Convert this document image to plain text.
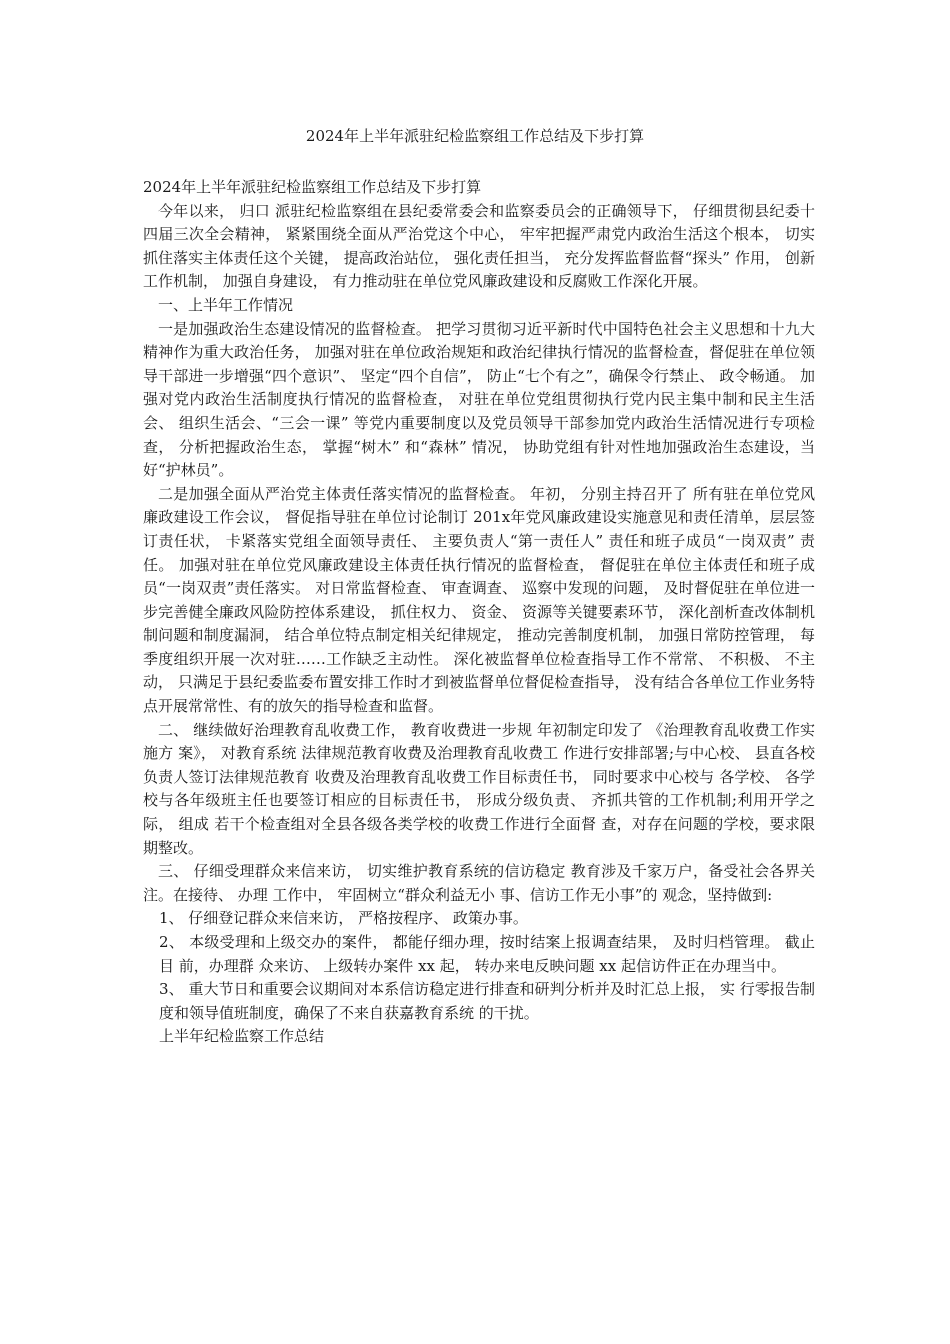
2024年上半年派驻纪检监察组工作总结及下步打算

2024年上半年派驻纪检监察组工作总结及下步打算

今年以来， 归口 派驻纪检监察组在县纪委常委会和监察委员会的正确领导下， 仔细贯彻县纪委十四届三次全会精神， 紧紧围绕全面从严治党这个中心， 牢牢把握严肃党内政治生活这个根本， 切实抓住落实主体责任这个关键， 提高政治站位， 强化责任担当， 充分发挥监督监督“探头” 作用， 创新工作机制， 加强自身建设， 有力推动驻在单位党风廉政建设和反腐败工作深化开展。

一、上半年工作情况

一是加强政治生态建设情况的监督检查。 把学习贯彻习近平新时代中国特色社会主义思想和十九大精神作为重大政治任务， 加强对驻在单位政治规矩和政治纪律执行情况的监督检查，督促驻在单位领导干部进一步增强“四个意识”、 坚定“四个自信”， 防止“七个有之”，确保令行禁止、 政令畅通。 加强对党内政治生活制度执行情况的监督检查， 对驻在单位党组贯彻执行党内民主集中制和民主生活会、 组织生活会、“三会一课” 等党内重要制度以及党员领导干部参加党内政治生活情况进行专项检查， 分析把握政治生态， 掌握“树木” 和“森林” 情况， 协助党组有针对性地加强政治生态建设，当好“护林员”。

二是加强全面从严治党主体责任落实情况的监督检查。 年初， 分别主持召开了 所有驻在单位党风廉政建设工作会议， 督促指导驻在单位讨论制订 201x年党风廉政建设实施意见和责任清单，层层签订责任状， 卡紧落实党组全面领导责任、 主要负责人“第一责任人” 责任和班子成员“一岗双责” 责任。 加强对驻在单位党风廉政建设主体责任执行情况的监督检查， 督促驻在单位主体责任和班子成员“一岗双责”责任落实。 对日常监督检查、 审查调查、 巡察中发现的问题， 及时督促驻在单位进一步完善健全廉政风险防控体系建设， 抓住权力、 资金、 资源等关键要素环节， 深化剖析查改体制机制问题和制度漏洞， 结合单位特点制定相关纪律规定， 推动完善制度机制， 加强日常防控管理， 每季度组织开展一次对驻……工作缺乏主动性。 深化被监督单位检查指导工作不常常、 不积极、 不主动， 只满足于县纪委监委布置安排工作时才到被监督单位督促检查指导， 没有结合各单位工作业务特点开展常常性、有的放矢的指导检查和监督。

二、 继续做好治理教育乱收费工作， 教育收费进一步规 年初制定印发了 《治理教育乱收费工作实施方 案》， 对教育系统 法律规范教育收费及治理教育乱收费工 作进行安排部署;与中心校、 县直各校负责人签订法律规范教育 收费及治理教育乱收费工作目标责任书， 同时要求中心校与 各学校、 各学校与各年级班主任也要签订相应的目标责任书， 形成分级负责、 齐抓共管的工作机制;利用开学之际， 组成 若干个检查组对全县各级各类学校的收费工作进行全面督 查，对存在问题的学校，要求限期整改。

三、 仔细受理群众来信来访， 切实维护教育系统的信访稳定 教育涉及千家万户，备受社会各界关注。在接待、 办理 工作中， 牢固树立“群众利益无小 事、信访工作无小事”的 观念，坚持做到:

1、 仔细登记群众来信来访， 严格按程序、 政策办事。

2、 本级受理和上级交办的案件， 都能仔细办理，按时结案上报调查结果， 及时归档管理。 截止目 前，办理群 众来访、 上级转办案件 xx 起， 转办来电反映问题 xx 起信访件正在办理当中。

3、 重大节日和重要会议期间对本系信访稳定进行排查和研判分析并及时汇总上报， 实 行零报告制度和领导值班制度，确保了不来自获嘉教育系统 的干扰。

上半年纪检监察工作总结
